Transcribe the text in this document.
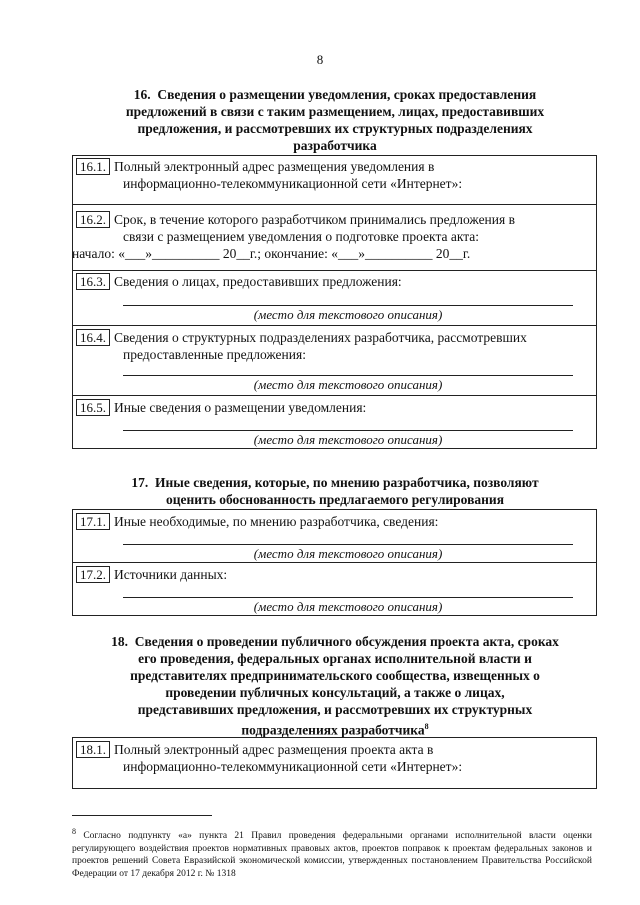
8
16. Сведения о размещении уведомления, сроках предоставления
предложений в связи с таким размещением, лицах, предоставивших
предложения, и рассмотревших их структурных подразделениях
разработчика
16.1. Полный электронный адрес размещения уведомления в
информационно-телекоммуникационной сети «Интернет»:
16.2. Срок, в течение которого разработчиком принимались предложения в
связи с размещением уведомления о подготовке проекта акта:
начало: «___»__________ 20__г.; окончание: «___»__________ 20__г.
16.3. Сведения о лицах, предоставивших предложения:
(место для текстового описания)
16.4. Сведения о структурных подразделениях разработчика, рассмотревших
предоставленные предложения:
(место для текстового описания)
16.5. Иные сведения о размещении уведомления:
(место для текстового описания)
17. Иные сведения, которые, по мнению разработчика, позволяют
оценить обоснованность предлагаемого регулирования
17.1. Иные необходимые, по мнению разработчика, сведения:
(место для текстового описания)
17.2. Источники данных:
(место для текстового описания)
18. Сведения о проведении публичного обсуждения проекта акта, сроках
его проведения, федеральных органах исполнительной власти и
представителях предпринимательского сообщества, извещенных о
проведении публичных консультаций, а также о лицах,
представивших предложения, и рассмотревших их структурных
подразделениях разработчика$^8$
18.1. Полный электронный адрес размещения проекта акта в
информационно-телекоммуникационной сети «Интернет»:
$^8$ Согласно подпункту «а» пункта 21 Правил проведения федеральными органами исполнительной власти оценки регулирующего воздействия проектов нормативных правовых актов, проектов поправок к проектам федеральных законов и проектов решений Совета Евразийской экономической комиссии, утвержденных постановлением Правительства Российской Федерации от 17 декабря 2012 г. № 1318
